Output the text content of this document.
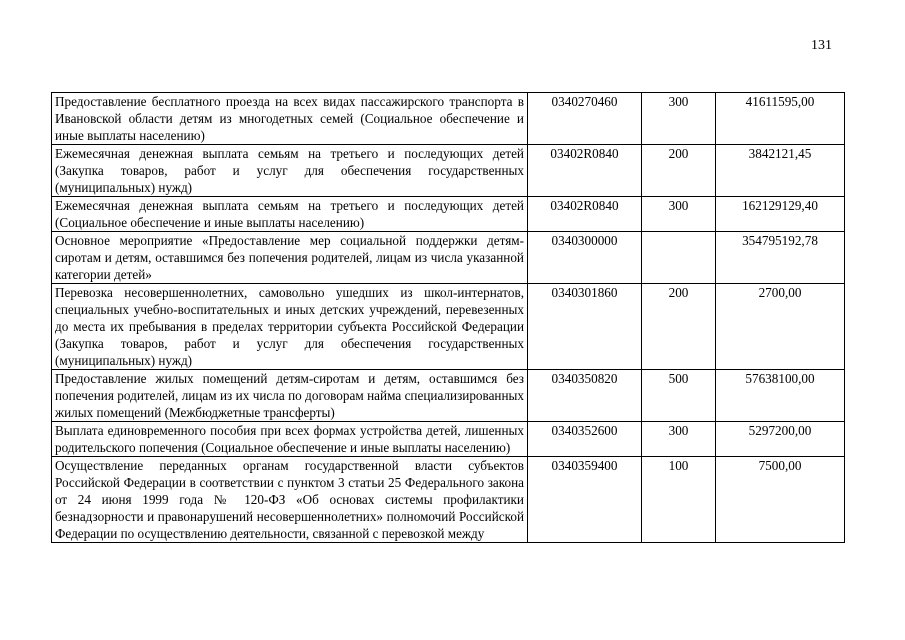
131
Предоставление бесплатного проезда на всех видах пассажирского транспорта в Ивановской области детям из многодетных семей (Социальное обеспечение и иные выплаты населению)	0340270460	300	41611595,00

Ежемесячная денежная выплата семьям на третьего и последующих детей (Закупка товаров, работ и услуг для обеспечения государственных (муниципальных) нужд)	03402R0840	200	3842121,45

Ежемесячная денежная выплата семьям на третьего и последующих детей (Социальное обеспечение и иные выплаты населению)	03402R0840	300	162129129,40

Основное мероприятие «Предоставление мер социальной поддержки детям-сиротам и детям, оставшимся без попечения родителей, лицам из числа указанной категории детей»	0340300000		354795192,78

Перевозка несовершеннолетних, самовольно ушедших из школ-интернатов, специальных учебно-воспитательных и иных детских учреждений, перевезенных до места их пребывания в пределах территории субъекта Российской Федерации (Закупка товаров, работ и услуг для обеспечения государственных (муниципальных) нужд)	0340301860	200	2700,00

Предоставление жилых помещений детям-сиротам и детям, оставшимся без попечения родителей, лицам из их числа по договорам найма специализированных жилых помещений (Межбюджетные трансферты)	0340350820	500	57638100,00

Выплата единовременного пособия при всех формах устройства детей, лишенных родительского попечения (Социальное обеспечение и иные выплаты населению)	0340352600	300	5297200,00

Осуществление переданных органам государственной власти субъектов Российской Федерации в соответствии с пунктом 3 статьи 25 Федерального закона от 24 июня 1999 года № 120-ФЗ «Об основах системы профилактики безнадзорности и правонарушений несовершеннолетних» полномочий Российской Федерации по осуществлению деятельности, связанной с перевозкой между	0340359400	100	7500,00
